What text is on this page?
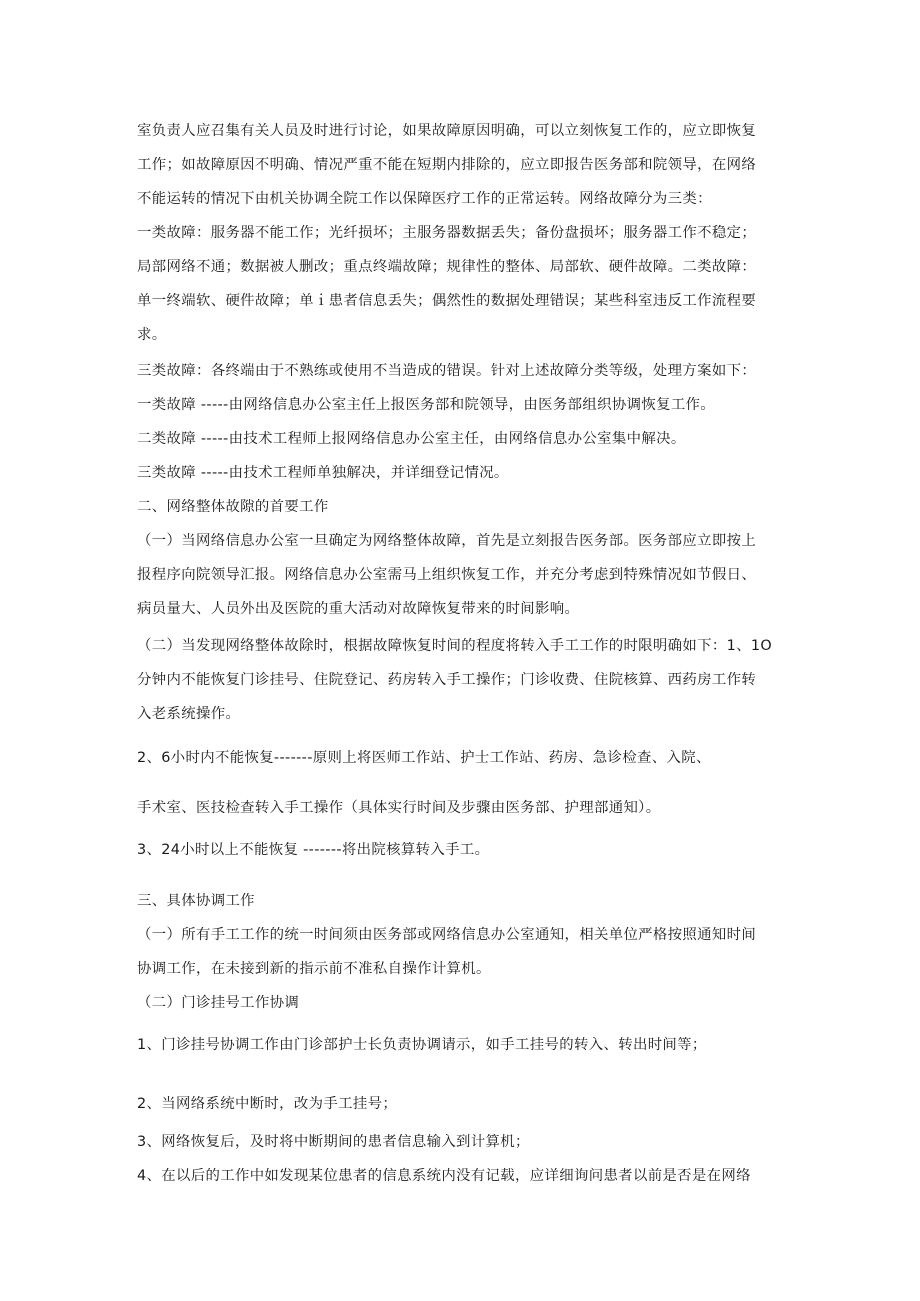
室负责人应召集有关人员及时进行讨论，如果故障原因明确，可以立刻恢复工作的，应立即恢复

工作；如故障原因不明确、情况严重不能在短期内排除的，应立即报告医务部和院领导，在网络

不能运转的情况下由机关协调全院工作以保障医疗工作的正常运转。网络故障分为三类：

一类故障：服务器不能工作；光纤损坏；主服务器数据丢失；备份盘损坏；服务器工作不稳定；

局部网络不通；数据被人删改；重点终端故障；规律性的整体、局部软、硬件故障。二类故障：

单一终端软、硬件故障；单ｉ患者信息丢失；偶然性的数据处理错误；某些科室违反工作流程要

求。

三类故障：各终端由于不熟练或使用不当造成的错误。针对上述故障分类等级，处理方案如下：

一类故障 -----由网络信息办公室主任上报医务部和院领导，由医务部组织协调恢复工作。

二类故障 -----由技术工程师上报网络信息办公室主任，由网络信息办公室集中解决。

三类故障 -----由技术工程师单独解决，并详细登记情况。

二、网络整体故隙的首要工作

（一）当网络信息办公室一旦确定为网络整体故障，首先是立刻报告医务部。医务部应立即按上

报程序向院领导汇报。网络信息办公室需马上组织恢复工作，并充分考虑到特殊情况如节假日、

病员量大、人员外出及医院的重大活动对故障恢复带来的时间影响。

（二）当发现网络整体故除时，根据故障恢复时间的程度将转入手工工作的时限明确如下：1、1O

分钟内不能恢复门诊挂号、住院登记、药房转入手工操作；门诊收费、住院核算、西药房工作转

入老系统操作。

2、6小时内不能恢复-------原则上将医师工作站、护士工作站、药房、急诊检查、入院、

手术室、医技检查转入手工操作（具体实行时间及步骤由医务部、护理部通知）。

3、24小时以上不能恢复 -------将出院核算转入手工。

三、具体协调工作

（一）所有手工工作的统一时间须由医务部或网络信息办公室通知，相关单位严格按照通知时间

协调工作，在未接到新的指示前不准私自操作计算机。

（二）门诊挂号工作协调

1、门诊挂号协调工作由门诊部护士长负责协调请示，如手工挂号的转入、转出时间等；

2、当网络系统中断时，改为手工挂号；

3、网络恢复后，及时将中断期间的患者信息输入到计算机；

4、在以后的工作中如发现某位患者的信息系统内没有记载，应详细询问患者以前是否是在网络
